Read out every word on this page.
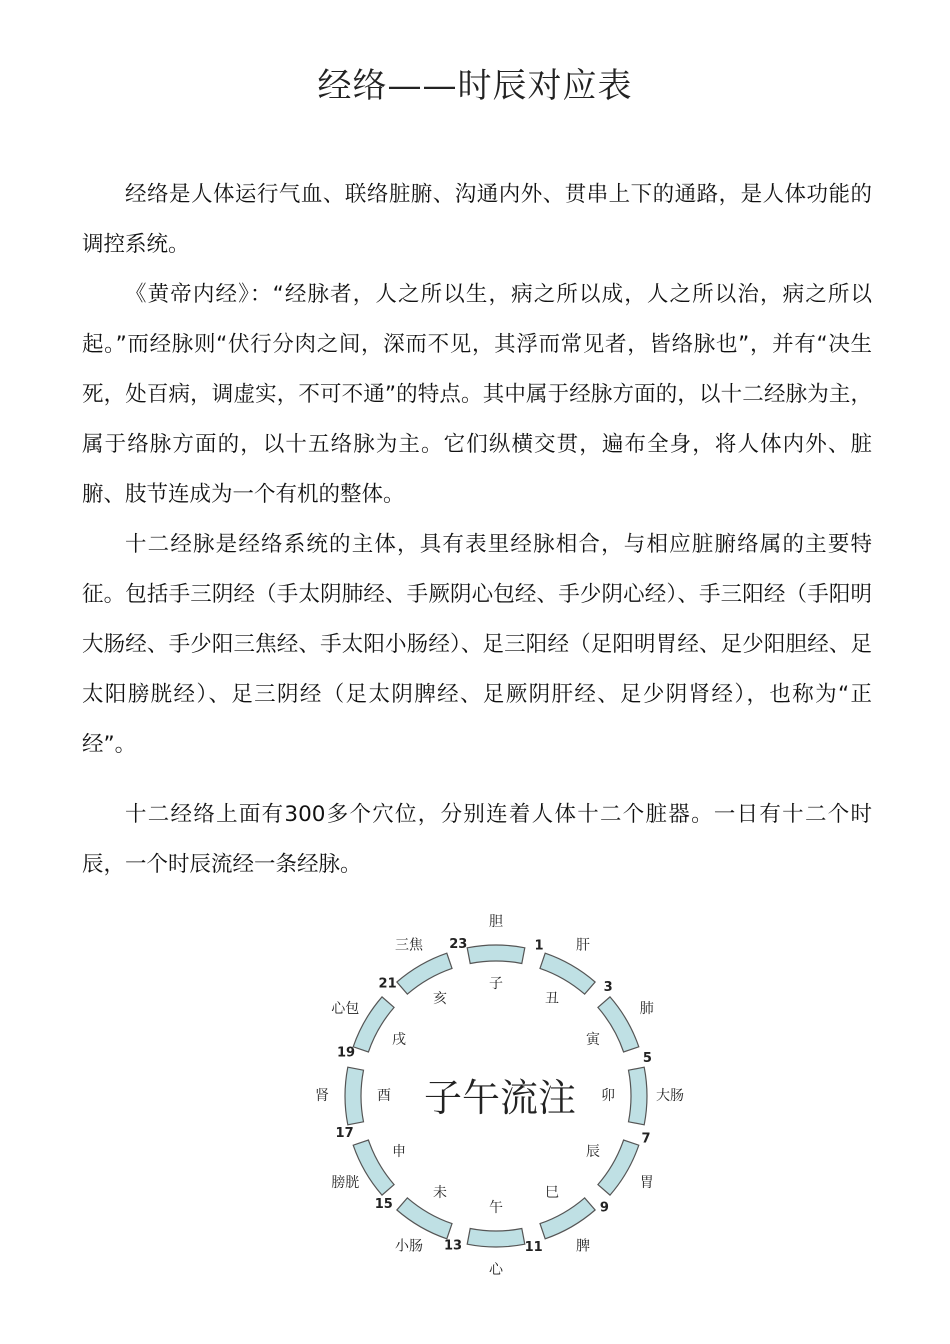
经络——时辰对应表

经络是人体运行气血、联络脏腑、沟通内外、贯串上下的通路，是人体功能的调控系统。

《黄帝内经》：“经脉者，人之所以生，病之所以成，人之所以治，病之所以起。”而经脉则“伏行分肉之间，深而不见，其浮而常见者，皆络脉也”，并有“决生死，处百病，调虚实，不可不通”的特点。其中属于经脉方面的，以十二经脉为主，属于络脉方面的，以十五络脉为主。它们纵横交贯，遍布全身，将人体内外、脏腑、肢节连成为一个有机的整体。

十二经脉是经络系统的主体，具有表里经脉相合，与相应脏腑络属的主要特征。包括手三阴经（手太阴肺经、手厥阴心包经、手少阴心经）、手三阳经（手阳明大肠经、手少阳三焦经、手太阳小肠经）、足三阳经（足阳明胃经、足少阳胆经、足太阳膀胱经）、足三阴经（足太阴脾经、足厥阴肝经、足少阴肾经），也称为“正经”。

十二经络上面有300多个穴位，分别连着人体十二个脏器。一日有十二个时辰，一个时辰流经一条经脉。

胆
子
1 肝
丑
3
肺
寅
5
大肠
卯
7
胃
辰
9
脾
巳
11
心
午
13
小肠
未
15
膀胱
申
17
肾	酉
19
心包
戌
21
三焦
亥
23
子午流注
